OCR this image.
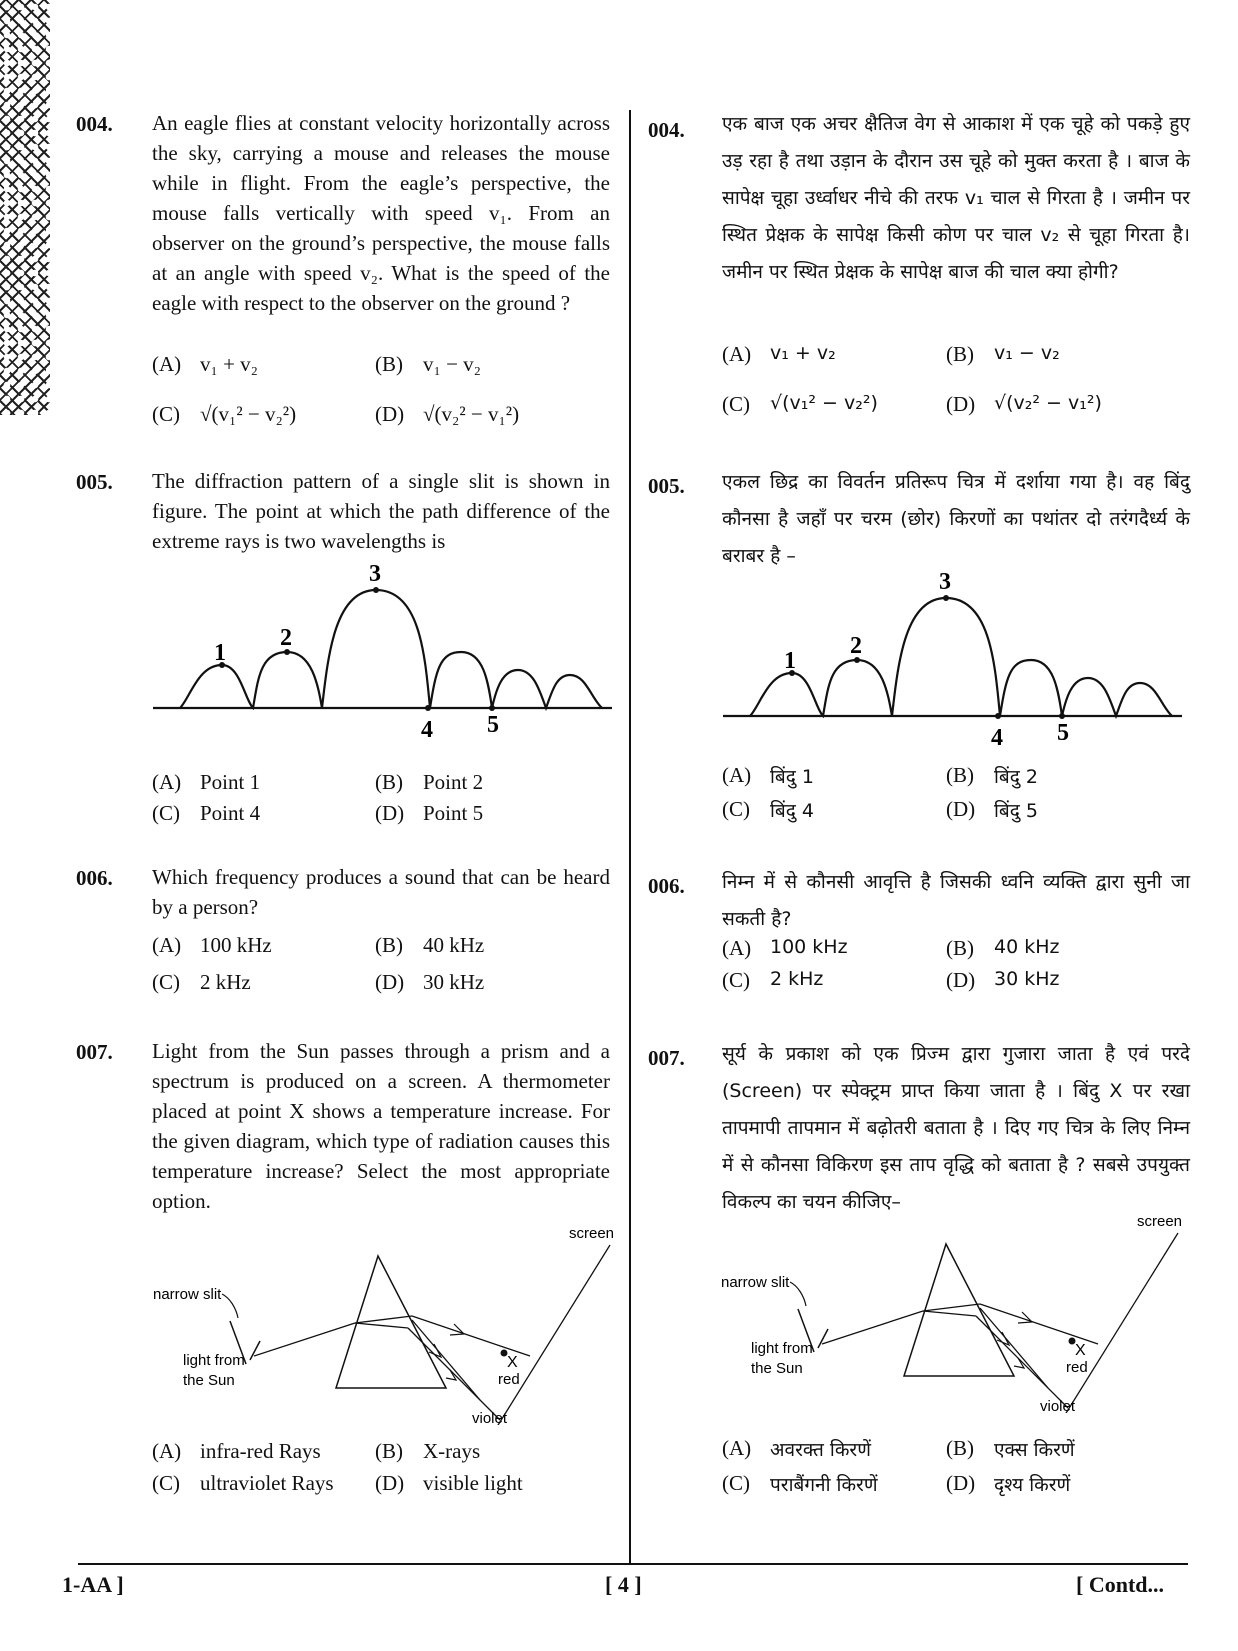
004. An eagle flies at constant velocity horizontally across the sky, carrying a mouse and releases the mouse while in flight. From the eagle’s perspective, the mouse falls vertically with speed v₁. From an observer on the ground’s perspective, the mouse falls at an angle with speed v₂. What is the speed of the eagle with respect to the observer on the ground ?

(A) v₁ + v₂	(B) v₁ − v₂
(C) √(v₁² − v₂²)	(D) √(v₂² − v₁²)
005. The diffraction pattern of a single slit is shown in figure. The point at which the path difference of the extreme rays is two wavelengths is

1
2
3
4 5
(A) Point 1	(B) Point 2
(C) Point 4	(D) Point 5
006. Which frequency produces a sound that can be heard by a person?

(A) 100 kHz	(B) 40 kHz
(C) 2 kHz	(D) 30 kHz
007. Light from the Sun passes through a prism and a spectrum is produced on a screen. A thermometer placed at point X shows a temperature increase. For the given diagram, which type of radiation causes this temperature increase? Select the most appropriate option.

screen
narrow slit
light from
the Sun
X
red
violet
(A) infra-red Rays	(B) X-rays
(C) ultraviolet Rays (D) visible light
004. एक बाज एक अचर क्षैतिज वेग से आकाश में एक चूहे को पकड़े हुए उड़ रहा है तथा उड़ान के दौरान उस चूहे को मुक्त करता है । बाज के सापेक्ष चूहा उर्ध्वाधर नीचे की तरफ v₁ चाल से गिरता है । जमीन पर स्थित प्रेक्षक के सापेक्ष किसी कोण पर चाल v₂ से चूहा गिरता है। जमीन पर स्थित प्रेक्षक के सापेक्ष बाज की चाल क्या होगी?

(A) v₁ + v₂	(B)	v₁ − v₂
(C)	√(v₁² − v₂²)	(D) √(v₂² − v₁²)
005. एकल छिद्र का विवर्तन प्रतिरूप चित्र में दर्शाया गया है। वह बिंदु कौनसा है जहाँ पर चरम (छोर) किरणों का पथांतर दो तरंगदैर्ध्य के बराबर है –

1
2
3
4 5
(A) बिंदु 1	(B)	बिंदु 2
(C)	बिंदु 4	(D) बिंदु 5
006. निम्न में से कौनसी आवृत्ति है जिसकी ध्वनि व्यक्ति द्वारा सुनी जा सकती है?

(A) 100 kHz	(B)	40 kHz
(C)	2 kHz	(D) 30 kHz
007. सूर्य के प्रकाश को एक प्रिज्म द्वारा गुजारा जाता है एवं परदे (Screen) पर स्पेक्ट्रम प्राप्त किया जाता है । बिंदु X पर रखा तापमापी तापमान में बढ़ोतरी बताता है । दिए गए चित्र के लिए निम्न में से कौनसा विकिरण इस ताप वृद्धि को बताता है ? सबसे उपयुक्त विकल्प का चयन कीजिए–

screen
narrow slit
light from
the Sun
X
red
violet
(A) अवरक्त किरणें	(B)	एक्स किरणें
(C)	पराबैंगनी किरणें	(D) दृश्य किरणें
1-AA ]	[ 4 ]	[ Contd...
